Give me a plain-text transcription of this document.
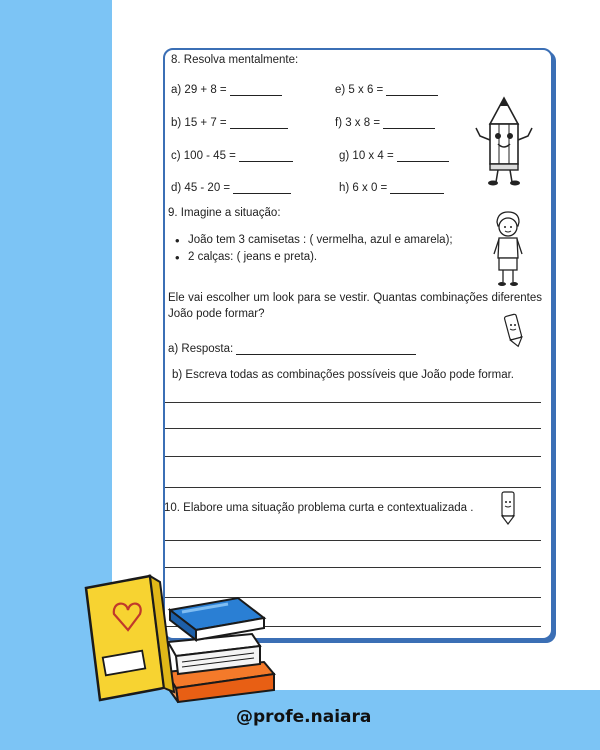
8. Resolva mentalmente:
a) 29 + 8 =	e) 5 x 6 =
b) 15 + 7 =	f) 3 x 8 =
c) 100 - 45 =	g) 10 x 4 =
d) 45 - 20 =	h) 6 x 0 =
9. Imagine a situação:
• João tem 3 camisetas : ( vermelha, azul e amarela);
• 2 calças: ( jeans e preta).
Ele vai escolher um look para se vestir. Quantas combinações diferentes João pode formar?
a) Resposta:
b) Escreva todas as combinações possíveis que João pode formar.
10. Elabore uma situação problema curta e contextualizada .
@profe.naiara
